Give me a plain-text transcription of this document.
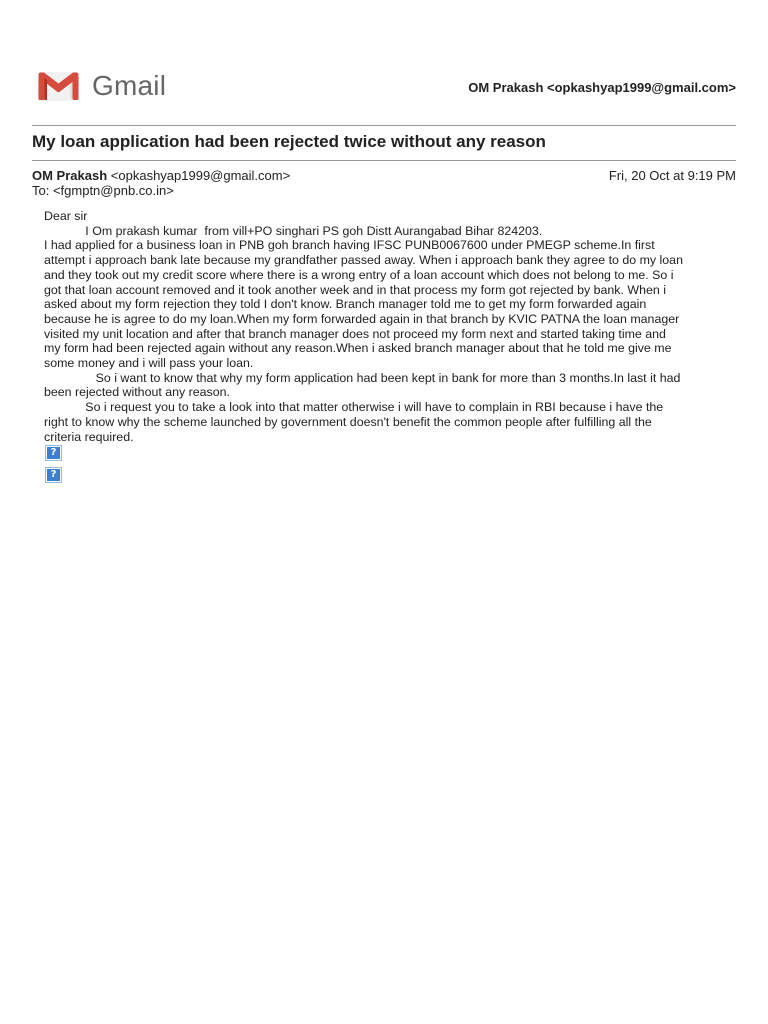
Gmail	OM Prakash <opkashyap1999@gmail.com>
My loan application had been rejected twice without any reason
OM Prakash <opkashyap1999@gmail.com>
To: <fgmptn@pnb.co.in>
Fri, 20 Oct at 9:19 PM

Dear sir

I Om prakash kumar  from vill+PO singhari PS goh Distt Aurangabad Bihar 824203.

I had applied for a business loan in PNB goh branch having IFSC PUNB0067600 under PMEGP scheme.In first

attempt i approach bank late because my grandfather passed away. When i approach bank they agree to do my loan

and they took out my credit score where there is a wrong entry of a loan account which does not belong to me. So i

got that loan account removed and it took another week and in that process my form got rejected by bank. When i

asked about my form rejection they told I don't know. Branch manager told me to get my form forwarded again

because he is agree to do my loan.When my form forwarded again in that branch by KVIC PATNA the loan manager

visited my unit location and after that branch manager does not proceed my form next and started taking time and

my form had been rejected again without any reason.When i asked branch manager about that he told me give me

some money and i will pass your loan.

So i want to know that why my form application had been kept in bank for more than 3 months.In last it had

been rejected without any reason.

So i request you to take a look into that matter otherwise i will have to complain in RBI because i have the

right to know why the scheme launched by government doesn't benefit the common people after fulfilling all the

criteria required.

?
?
